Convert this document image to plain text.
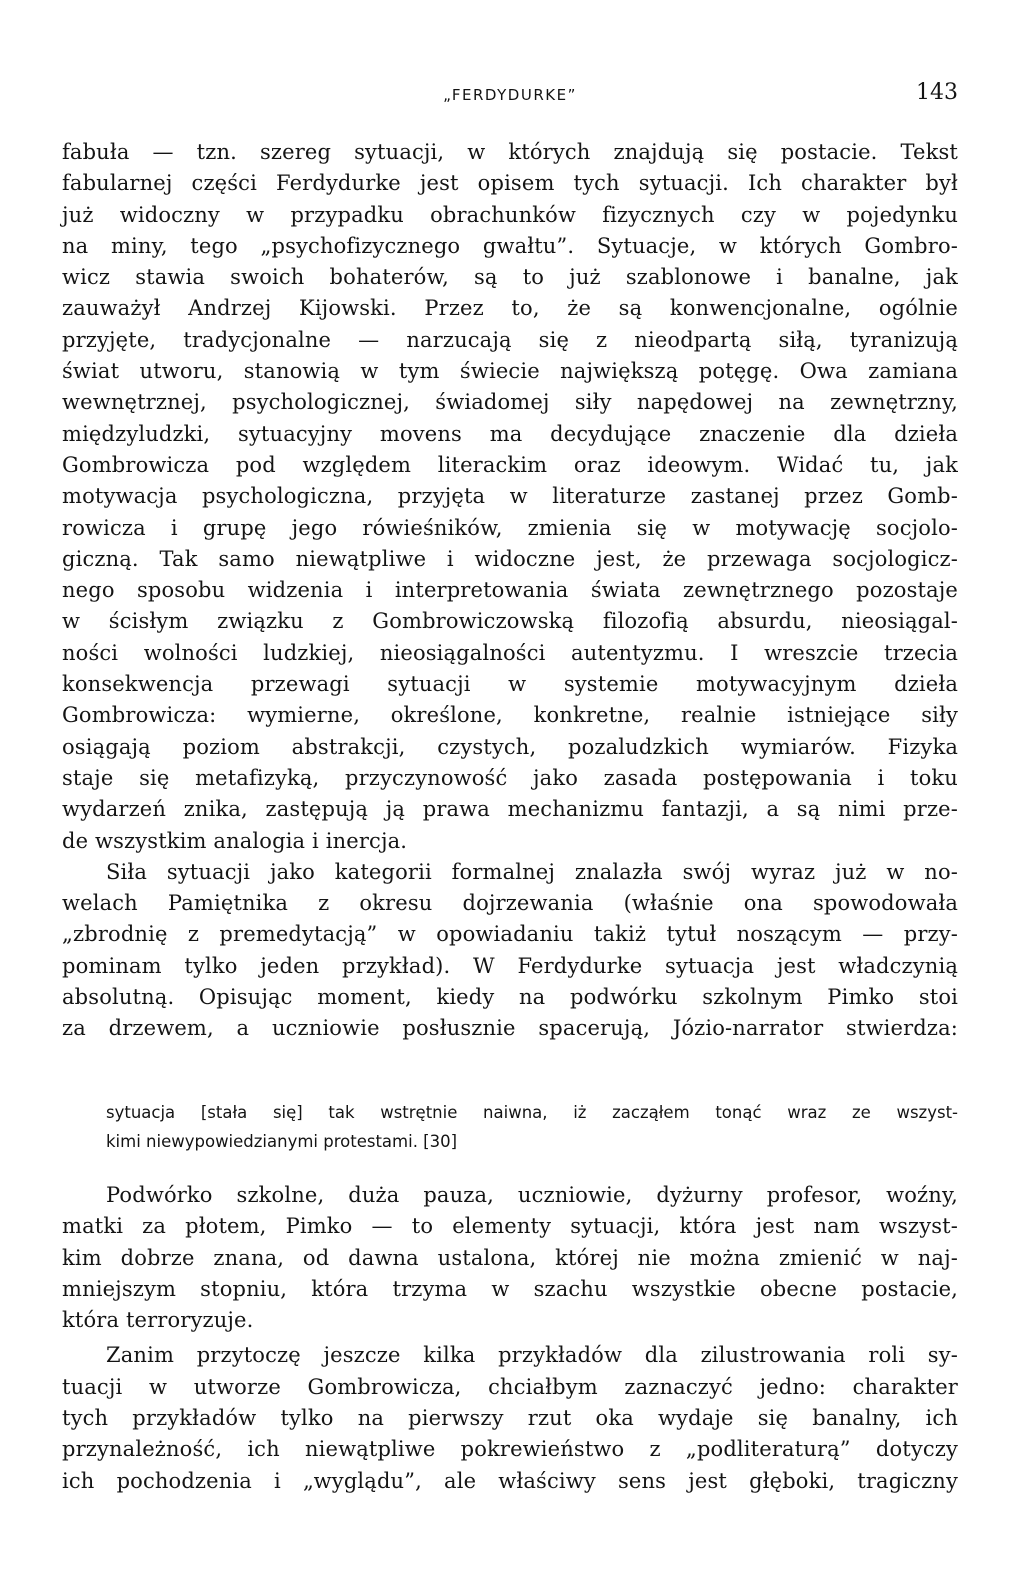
„FERDYDURKE”	143
fabuła — tzn. szereg sytuacji, w których znajdują się postacie. Tekst
fabularnej części Ferdydurke jest opisem tych sytuacji. Ich charakter był
już widoczny w przypadku obrachunków fizycznych czy w pojedynku
na miny, tego „psychofizycznego gwałtu”. Sytuacje, w których Gombro-
wicz stawia swoich bohaterów, są to już szablonowe i banalne, jak
zauważył Andrzej Kijowski. Przez to, że są konwencjonalne, ogólnie
przyjęte, tradycjonalne — narzucają się z nieodpartą siłą, tyranizują
świat utworu, stanowią w tym świecie największą potęgę. Owa zamiana
wewnętrznej, psychologicznej, świadomej siły napędowej na zewnętrzny,
międzyludzki, sytuacyjny movens ma decydujące znaczenie dla dzieła
Gombrowicza pod względem literackim oraz ideowym. Widać tu, jak
motywacja psychologiczna, przyjęta w literaturze zastanej przez Gomb-
rowicza i grupę jego rówieśników, zmienia się w motywację socjolo-
giczną. Tak samo niewątpliwe i widoczne jest, że przewaga socjologicz-
nego sposobu widzenia i interpretowania świata zewnętrznego pozostaje
w ścisłym związku z Gombrowiczowską filozofią absurdu, nieosiągal-
ności wolności ludzkiej, nieosiągalności autentyzmu. I wreszcie trzecia
konsekwencja przewagi sytuacji w systemie motywacyjnym dzieła
Gombrowicza: wymierne, określone, konkretne, realnie istniejące siły
osiągają poziom abstrakcji, czystych, pozaludzkich wymiarów. Fizyka
staje się metafizyką, przyczynowość jako zasada postępowania i toku
wydarzeń znika, zastępują ją prawa mechanizmu fantazji, a są nimi prze-
de wszystkim analogia i inercja.
Siła sytuacji jako kategorii formalnej znalazła swój wyraz już w no-
welach Pamiętnika z okresu dojrzewania (właśnie ona spowodowała
„zbrodnię z premedytacją” w opowiadaniu takiż tytuł noszącym — przy-
pominam tylko jeden przykład). W Ferdydurke sytuacja jest władczynią
absolutną. Opisując moment, kiedy na podwórku szkolnym Pimko stoi
za drzewem, a uczniowie posłusznie spacerują, Józio-narrator stwierdza:
sytuacja [stała się] tak wstrętnie naiwna, iż zacząłem tonąć wraz ze wszyst-
kimi niewypowiedzianymi protestami. [30]
Podwórko szkolne, duża pauza, uczniowie, dyżurny profesor, woźny,
matki za płotem, Pimko — to elementy sytuacji, która jest nam wszyst-
kim dobrze znana, od dawna ustalona, której nie można zmienić w naj-
mniejszym stopniu, która trzyma w szachu wszystkie obecne postacie,
która terroryzuje.
Zanim przytoczę jeszcze kilka przykładów dla zilustrowania roli sy-
tuacji w utworze Gombrowicza, chciałbym zaznaczyć jedno: charakter
tych przykładów tylko na pierwszy rzut oka wydaje się banalny, ich
przynależność, ich niewątpliwe pokrewieństwo z „podliteraturą” dotyczy
ich pochodzenia i „wyglądu”, ale właściwy sens jest głęboki, tragiczny
